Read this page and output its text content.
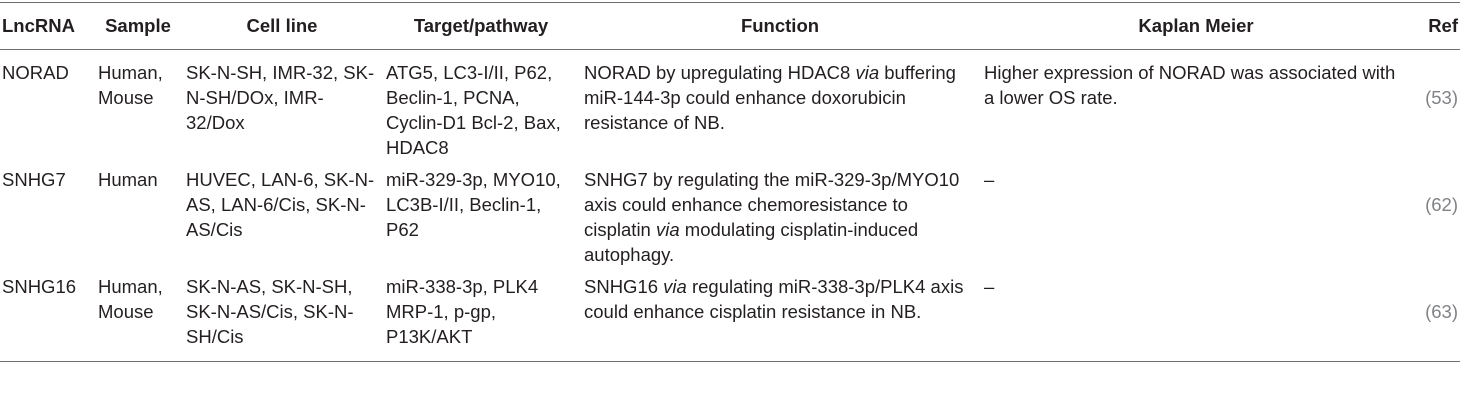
LncRNA	Sample	Cell line	Target/pathway	Function	Kaplan Meier	Ref
NORAD	Human, Mouse	SK-N-SH, IMR-32, SK-N-SH/DOx, IMR-32/Dox	ATG5, LC3-I/II, P62, Beclin-1, PCNA, Cyclin-D1 Bcl-2, Bax, HDAC8	NORAD by upregulating HDAC8 via buffering miR-144-3p could enhance doxorubicin resistance of NB.	Higher expression of NORAD was associated with a lower OS rate.	(53)
SNHG7	Human	HUVEC, LAN-6, SK-N-AS, LAN-6/Cis, SK-N-AS/Cis	miR-329-3p, MYO10, LC3B-I/II, Beclin-1, P62	SNHG7 by regulating the miR-329-3p/MYO10 axis could enhance chemoresistance to cisplatin via modulating cisplatin-induced autophagy.	–	(62)
SNHG16	Human, Mouse	SK-N-AS, SK-N-SH, SK-N-AS/Cis, SK-N-SH/Cis	miR-338-3p, PLK4 MRP-1, p-gp, P13K/AKT	SNHG16 via regulating miR-338-3p/PLK4 axis could enhance cisplatin resistance in NB.	–	(63)
